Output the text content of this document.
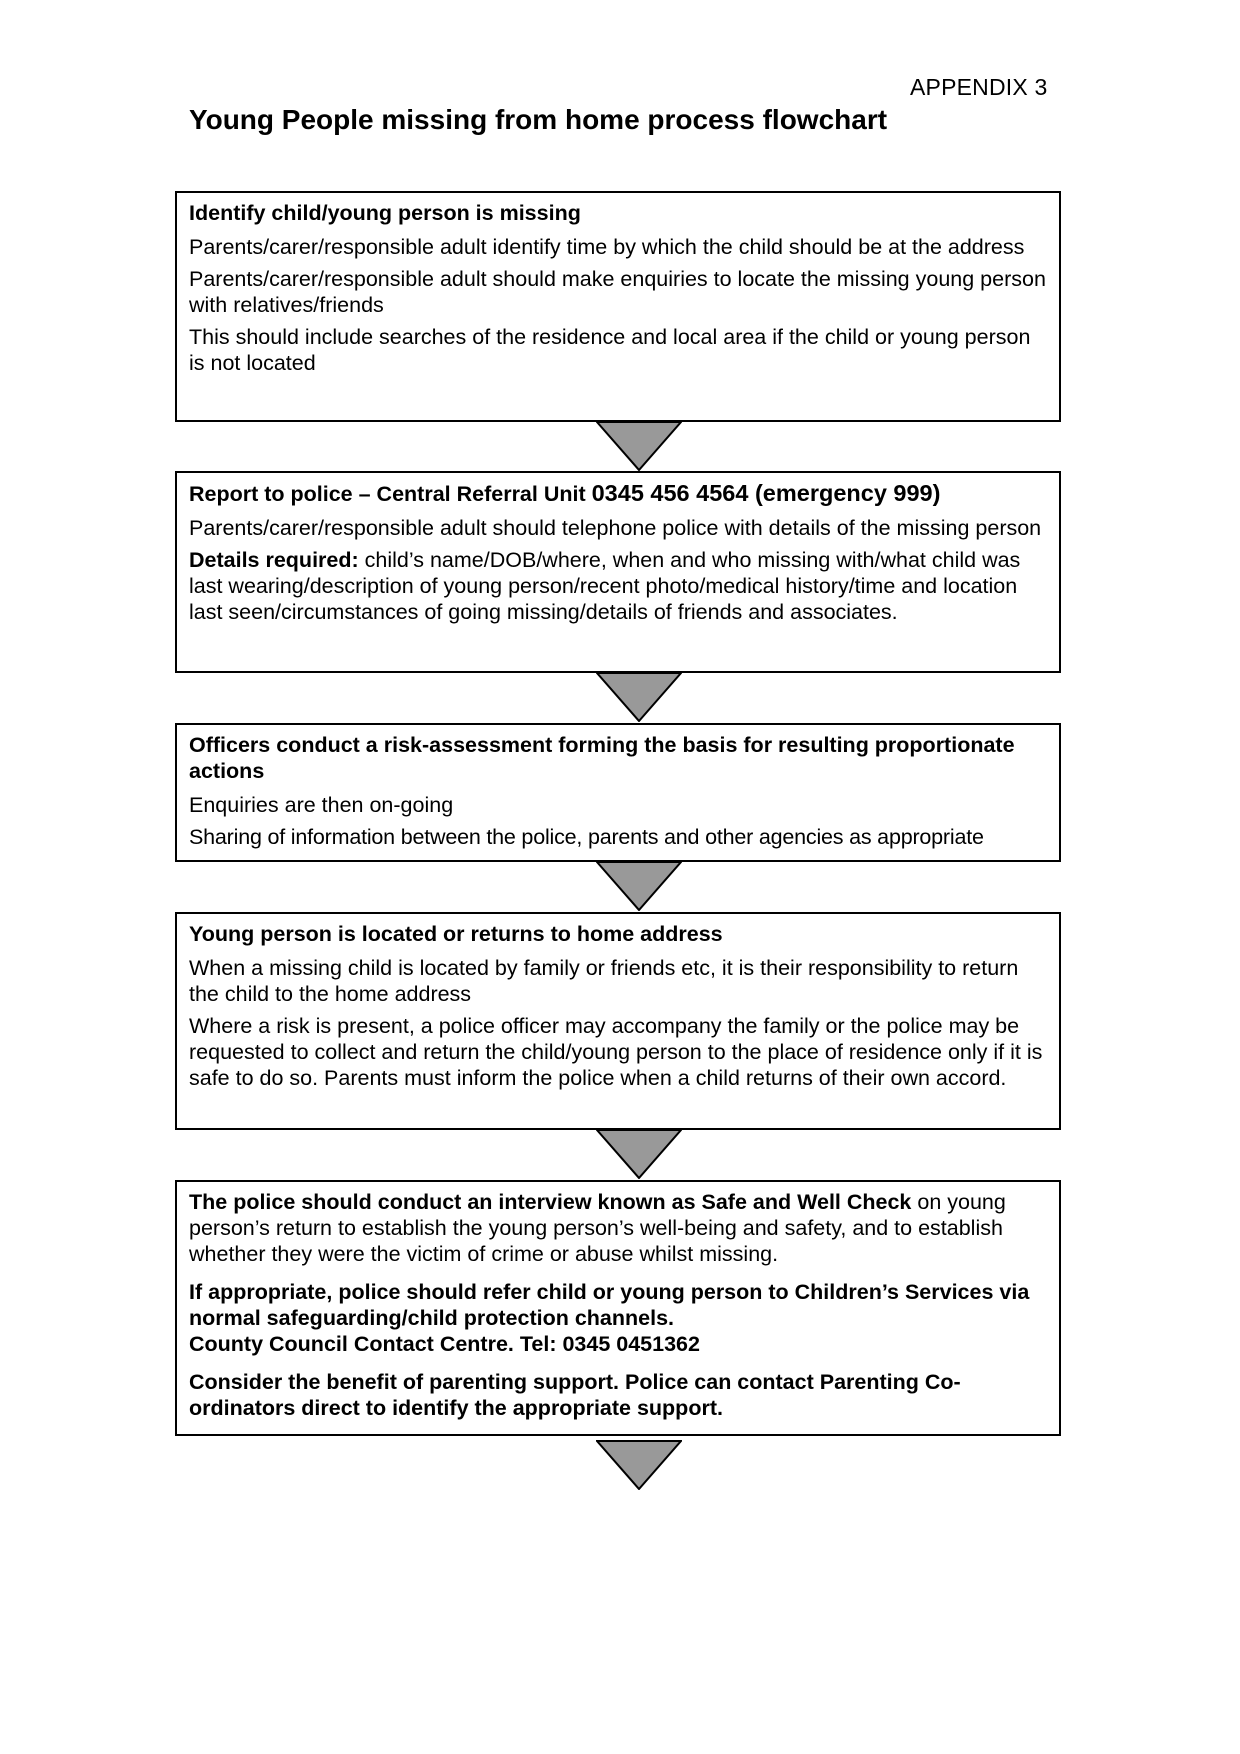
APPENDIX 3
Young People missing from home process flowchart
Identify child/young person is missing

Parents/carer/responsible adult identify time by which the child should be at the address

Parents/carer/responsible adult should make enquiries to locate the missing young person with relatives/friends

This should include searches of the residence and local area if the child or young person is not located

Report to police – Central Referral Unit 0345 456 4564 (emergency 999)

Parents/carer/responsible adult should telephone police with details of the missing person

Details required: child’s name/DOB/where, when and who missing with/what child was last wearing/description of young person/recent photo/medical history/time and location last seen/circumstances of going missing/details of friends and associates.

Officers conduct a risk-assessment forming the basis for resulting proportionate actions

Enquiries are then on-going

Sharing of information between the police, parents and other agencies as appropriate

Young person is located or returns to home address

When a missing child is located by family or friends etc, it is their responsibility to return the child to the home address

Where a risk is present, a police officer may accompany the family or the police may be requested to collect and return the child/young person to the place of residence only if it is safe to do so. Parents must inform the police when a child returns of their own accord.

The police should conduct an interview known as Safe and Well Check on young person’s return to establish the young person’s well-being and safety, and to establish whether they were the victim of crime or abuse whilst missing.

If appropriate, police should refer child or young person to Children’s Services via normal safeguarding/child protection channels.

County Council Contact Centre. Tel: 0345 0451362

Consider the benefit of parenting support. Police can contact Parenting Co-ordinators direct to identify the appropriate support.
